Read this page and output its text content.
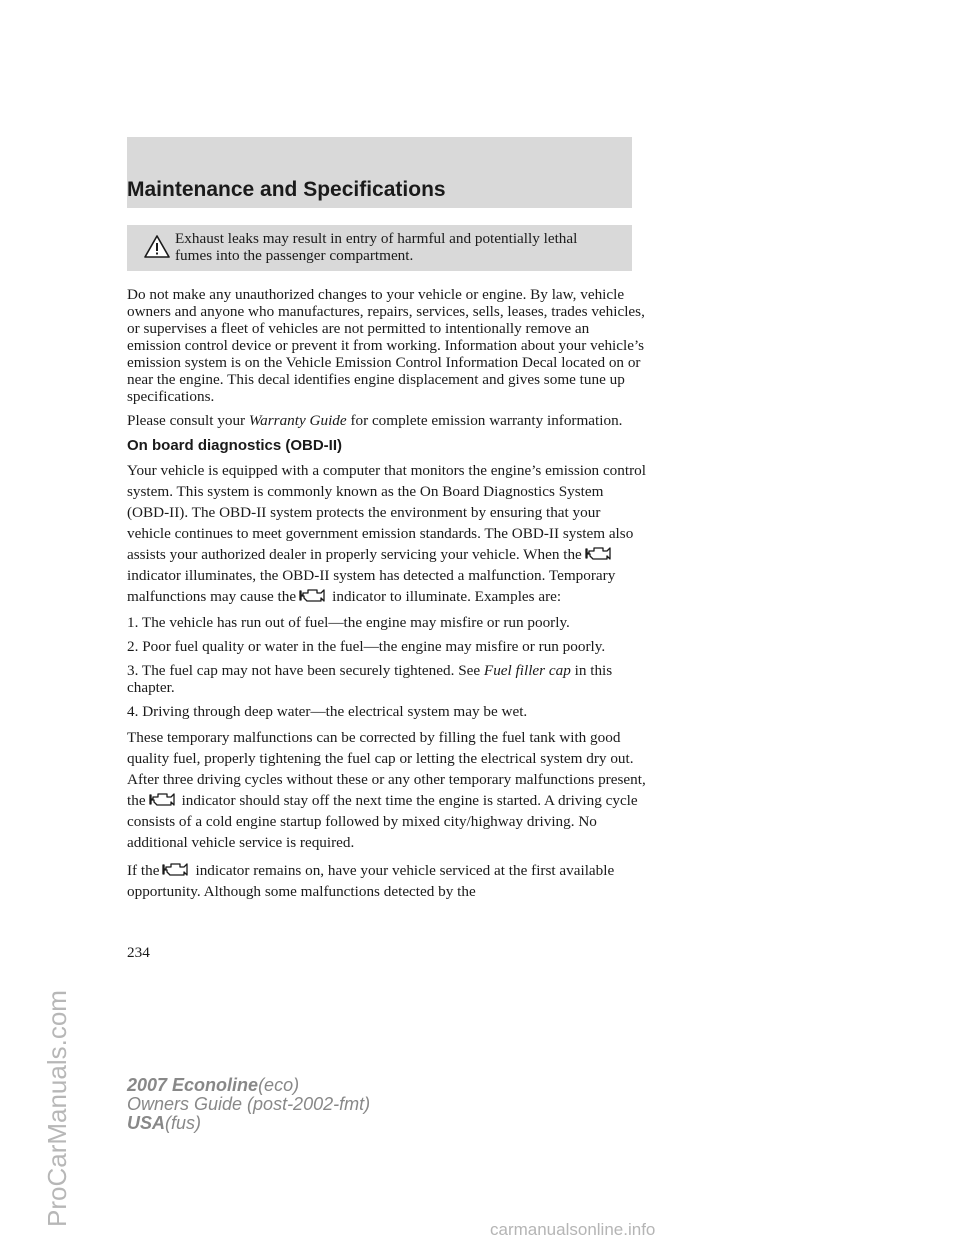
Maintenance and Specifications
Exhaust leaks may result in entry of harmful and potentially lethal fumes into the passenger compartment.

Do not make any unauthorized changes to your vehicle or engine. By law, vehicle owners and anyone who manufactures, repairs, services, sells, leases, trades vehicles, or supervises a fleet of vehicles are not permitted to intentionally remove an emission control device or prevent it from working. Information about your vehicle’s emission system is on the Vehicle Emission Control Information Decal located on or near the engine. This decal identifies engine displacement and gives some tune up specifications.

Please consult your Warranty Guide for complete emission warranty information.

On board diagnostics (OBD-II)

Your vehicle is equipped with a computer that monitors the engine’s emission control system. This system is commonly known as the On Board Diagnostics System (OBD-II). The OBD-II system protects the environment by ensuring that your vehicle continues to meet government emission standards. The OBD-II system also assists your authorized dealer in properly servicing your vehicle. When theindicator illuminates, the OBD-II system has detected a malfunction. Temporary malfunctions may cause the indicator to illuminate. Examples are:

1. The vehicle has run out of fuel—the engine may misfire or run poorly.

2. Poor fuel quality or water in the fuel—the engine may misfire or run poorly.

3. The fuel cap may not have been securely tightened. See Fuel filler cap in this chapter.

4. Driving through deep water—the electrical system may be wet.

These temporary malfunctions can be corrected by filling the fuel tank with good quality fuel, properly tightening the fuel cap or letting the electrical system dry out. After three driving cycles without these or any other temporary malfunctions present, the indicator should stay off the next time the engine is started. A driving cycle consists of a cold engine startup followed by mixed city/highway driving. No additional vehicle service is required.

If the indicator remains on, have your vehicle serviced at the first available opportunity. Although some malfunctions detected by the

234
2007 Econoline(eco)
Owners Guide (post-2002-fmt)
USA(fus)
ProCarManuals.com
carmanualsonline.info
